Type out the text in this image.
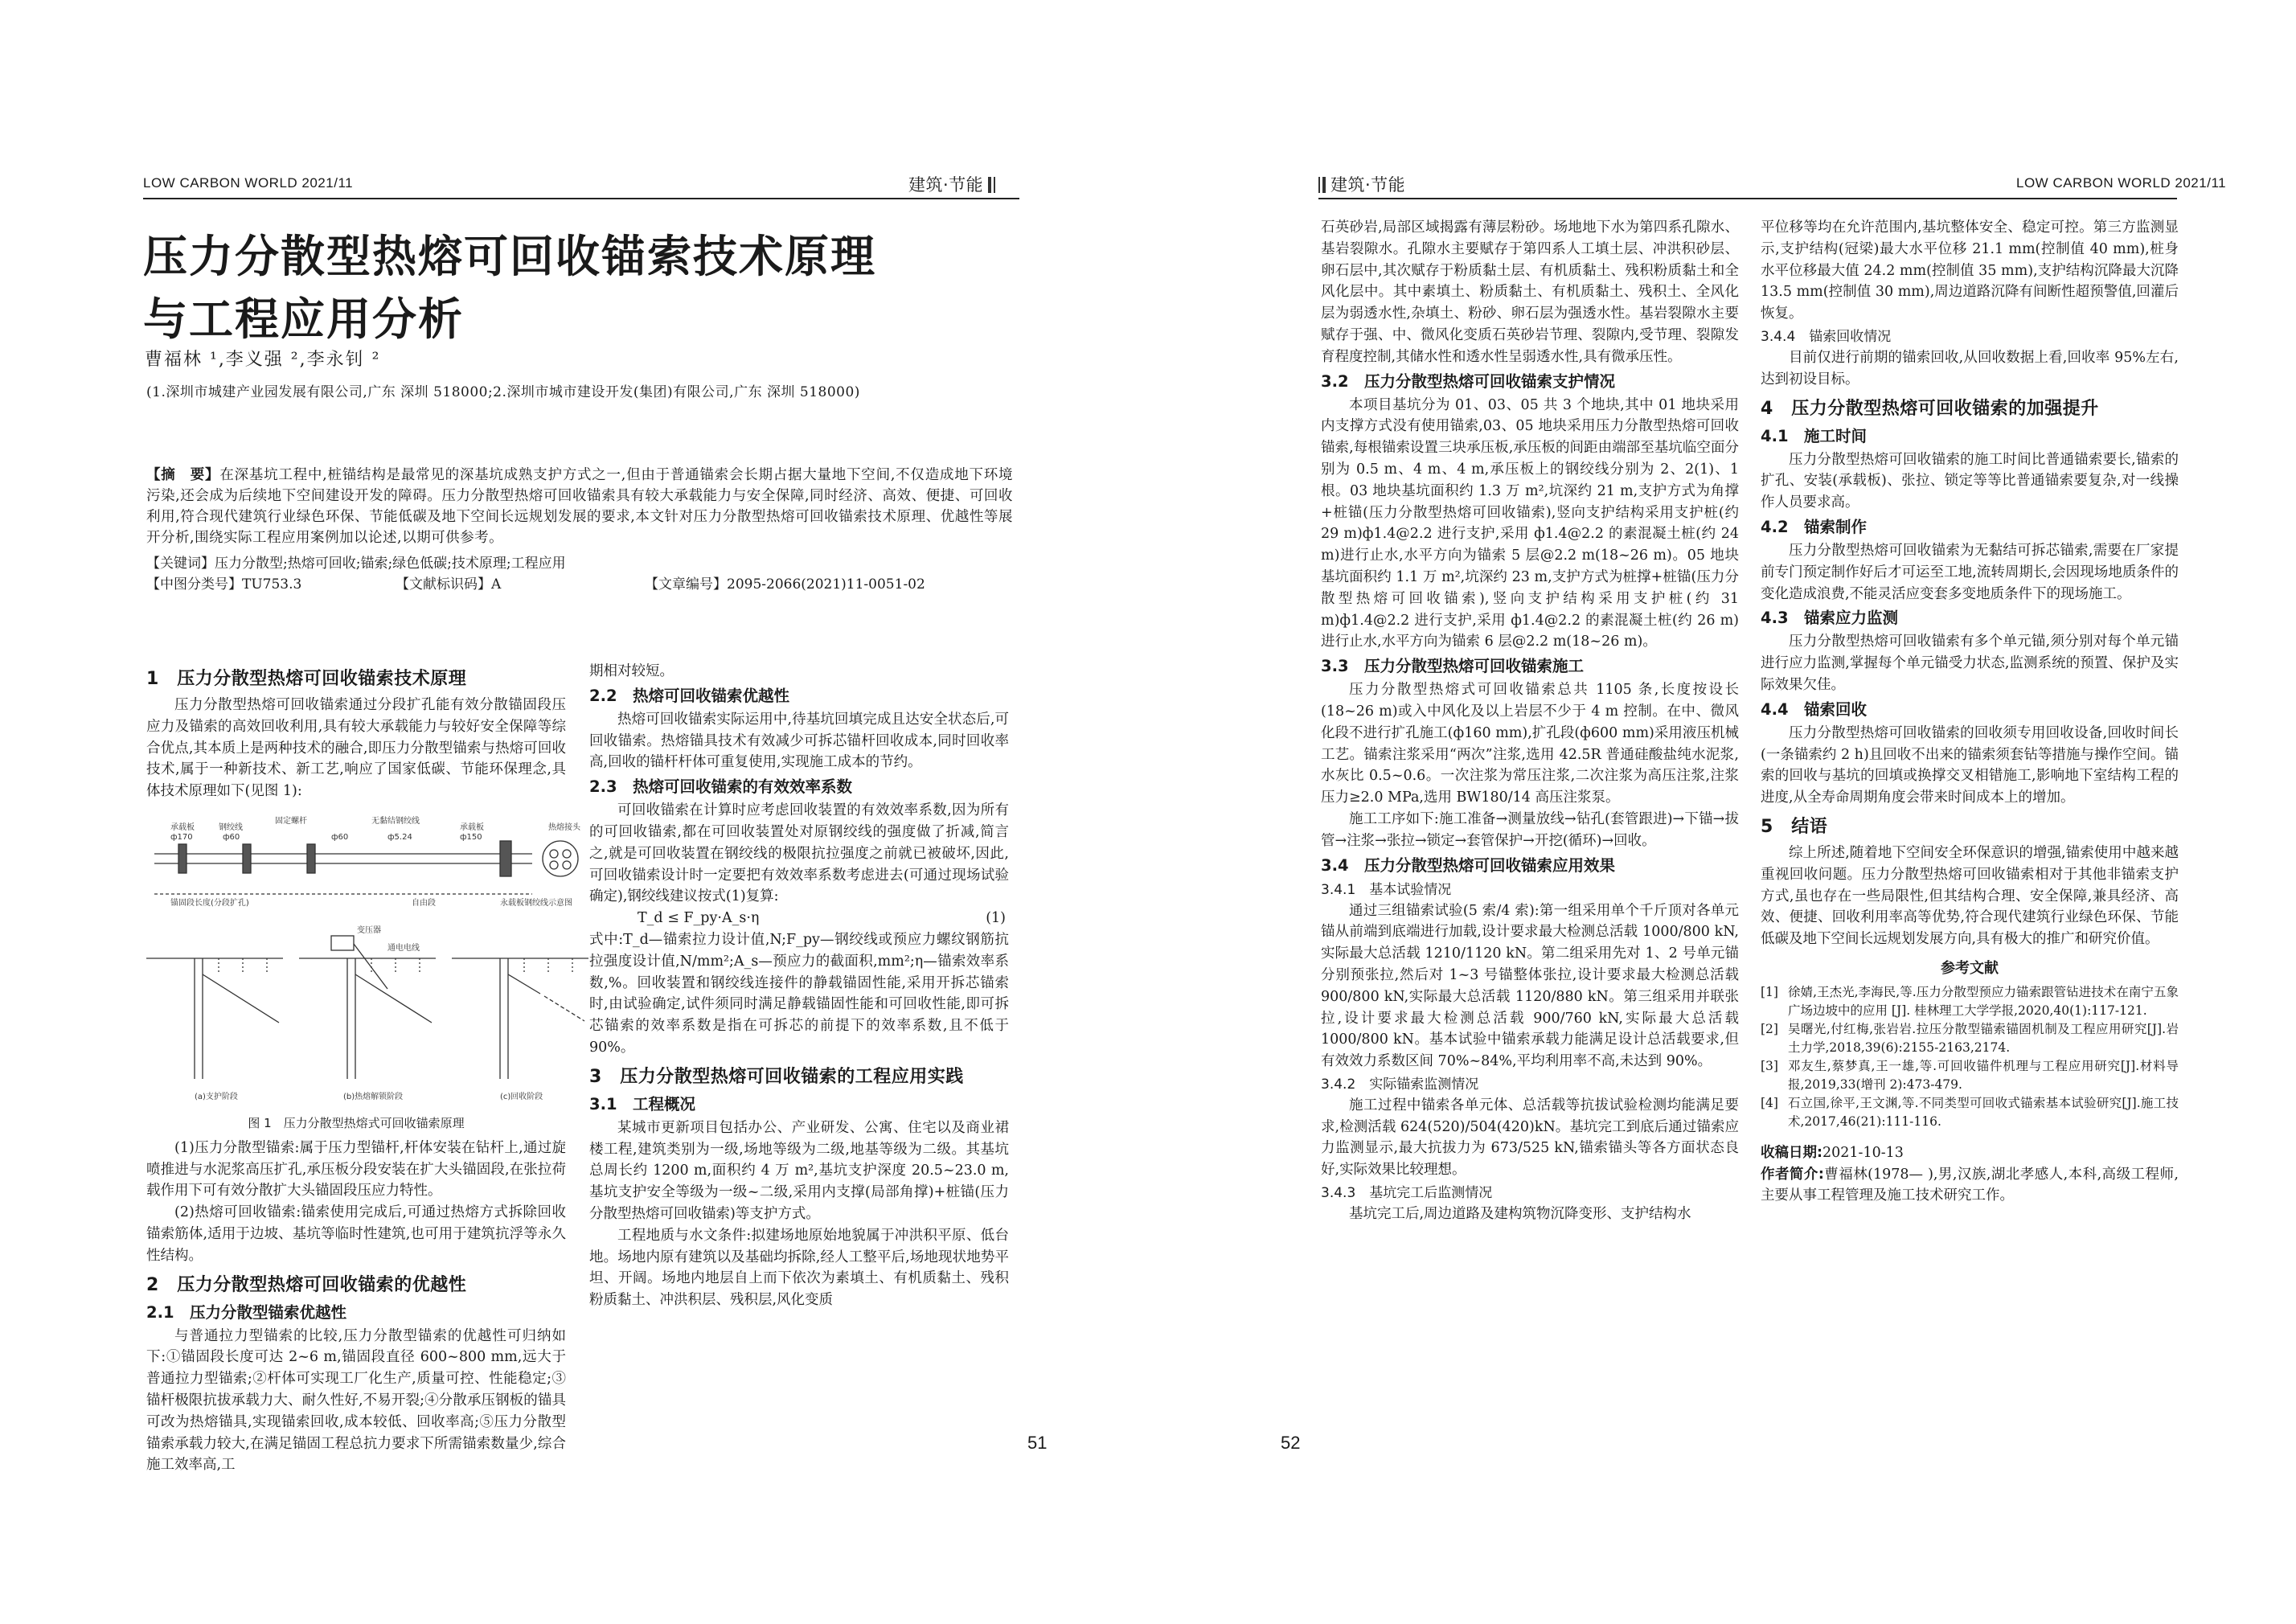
LOW CARBON WORLD 2021/11	建筑·节能
压力分散型热熔可回收锚索技术原理
与工程应用分析
曹福林 ¹,李义强 ²,李永钊 ²
(1.深圳市城建产业园发展有限公司,广东 深圳 518000;2.深圳市城市建设开发(集团)有限公司,广东 深圳 518000)
【摘　要】在深基坑工程中,桩锚结构是最常见的深基坑成熟支护方式之一,但由于普通锚索会长期占据大量地下空间,不仅造成地下环境污染,还会成为后续地下空间建设开发的障碍。压力分散型热熔可回收锚索具有较大承载能力与安全保障,同时经济、高效、便捷、可回收利用,符合现代建筑行业绿色环保、节能低碳及地下空间长远规划发展的要求,本文针对压力分散型热熔可回收锚索技术原理、优越性等展开分析,围绕实际工程应用案例加以论述,以期可供参考。
【关键词】 压力分散型;热熔可回收;锚索;绿色低碳;技术原理;工程应用
【中图分类号】TU753.3	【文献标识码】A	【文章编号】2095-2066(2021)11-0051-02
1　压力分散型热熔可回收锚索技术原理

压力分散型热熔可回收锚索通过分段扩孔能有效分散锚固段压应力及锚索的高效回收利用,具有较大承载能力与较好安全保障等综合优点,其本质上是两种技术的融合,即压力分散型锚索与热熔可回收技术,属于一种新技术、新工艺,响应了国家低碳、节能环保理念,具体技术原理如下(见图 1):

承载板
ф170
钢绞线
ф60
固定螺杆	无黏结钢绞线
ф60	ф5.24
承载板
ф150
热熔接头
锚固段长度(分段扩孔)	自由段	永载板钢绞线示意图
变压器
通电电线
(a)支护阶段	(b)热熔解锁阶段	(c)回收阶段
图 1　压力分散型热熔式可回收锚索原理

(1)压力分散型锚索:属于压力型锚杆,杆体安装在钻杆上,通过旋喷推进与水泥浆高压扩孔,承压板分段安装在扩大头锚固段,在张拉荷载作用下可有效分散扩大头锚固段压应力特性。

(2)热熔可回收锚索:锚索使用完成后,可通过热熔方式拆除回收锚索筋体,适用于边坡、基坑等临时性建筑,也可用于建筑抗浮等永久性结构。

2　压力分散型热熔可回收锚索的优越性
2.1　压力分散型锚索优越性

与普通拉力型锚索的比较,压力分散型锚索的优越性可归纳如下:①锚固段长度可达 2~6 m,锚固段直径 600~800 mm,远大于普通拉力型锚索;②杆体可实现工厂化生产,质量可控、性能稳定;③锚杆极限抗拔承载力大、耐久性好,不易开裂;④分散承压钢板的锚具可改为热熔锚具,实现锚索回收,成本较低、回收率高;⑤压力分散型锚索承载力较大,在满足锚固工程总抗力要求下所需锚索数量少,综合施工效率高,工

期相对较短。

2.2　热熔可回收锚索优越性

热熔可回收锚索实际运用中,待基坑回填完成且达安全状态后,可回收锚索。热熔锚具技术有效减少可拆芯锚杆回收成本,同时回收率高,回收的锚杆杆体可重复使用,实现施工成本的节约。

2.3　热熔可回收锚索的有效效率系数

可回收锚索在计算时应考虑回收装置的有效效率系数,因为所有的可回收锚索,都在可回收装置处对原钢绞线的强度做了折减,简言之,就是可回收装置在钢绞线的极限抗拉强度之前就已被破坏,因此,可回收锚索设计时一定要把有效效率系数考虑进去(可通过现场试验确定),钢绞线建议按式(1)复算:

T_d ≤ F_py·A_s·η	(1)

式中:T_d—锚索拉力设计值,N;F_py—钢绞线或预应力螺纹钢筋抗拉强度设计值,N/mm²;A_s—预应力的截面积,mm²;η—锚索效率系数,%。回收装置和钢绞线连接件的静载锚固性能,采用开拆芯锚索时,由试验确定,试件须同时满足静载锚固性能和可回收性能,即可拆芯锚索的效率系数是指在可拆芯的前提下的效率系数,且不低于 90%。

3　压力分散型热熔可回收锚索的工程应用实践
3.1　工程概况

某城市更新项目包括办公、产业研发、公寓、住宅以及商业裙楼工程,建筑类别为一级,场地等级为二级,地基等级为二级。其基坑总周长约 1200 m,面积约 4 万 m²,基坑支护深度 20.5~23.0 m,基坑支护安全等级为一级~二级,采用内支撑(局部角撑)+桩锚(压力分散型热熔可回收锚索)等支护方式。

工程地质与水文条件:拟建场地原始地貌属于冲洪积平原、低台地。场地内原有建筑以及基础均拆除,经人工整平后,场地现状地势平坦、开阔。场地内地层自上而下依次为素填土、有机质黏土、残积粉质黏土、冲洪积层、残积层,风化变质

51
建筑·节能	LOW CARBON WORLD 2021/11

石英砂岩,局部区域揭露有薄层粉砂。场地地下水为第四系孔隙水、基岩裂隙水。孔隙水主要赋存于第四系人工填土层、冲洪积砂层、卵石层中,其次赋存于粉质黏土层、有机质黏土、残积粉质黏土和全风化层中。其中素填土、粉质黏土、有机质黏土、残积土、全风化层为弱透水性,杂填土、粉砂、卵石层为强透水性。基岩裂隙水主要赋存于强、中、微风化变质石英砂岩节理、裂隙内,受节理、裂隙发育程度控制,其储水性和透水性呈弱透水性,具有微承压性。

3.2　压力分散型热熔可回收锚索支护情况

本项目基坑分为 01、03、05 共 3 个地块,其中 01 地块采用内支撑方式没有使用锚索,03、05 地块采用压力分散型热熔可回收锚索,每根锚索设置三块承压板,承压板的间距由端部至基坑临空面分别为 0.5 m、4 m、4 m,承压板上的钢绞线分别为 2、2(1)、1 根。03 地块基坑面积约 1.3 万 m²,坑深约 21 m,支护方式为角撑+桩锚(压力分散型热熔可回收锚索),竖向支护结构采用支护桩(约 29 m)ф1.4@2.2 进行支护,采用 ф1.4@2.2 的素混凝土桩(约 24 m)进行止水,水平方向为锚索 5 层@2.2 m(18~26 m)。05 地块基坑面积约 1.1 万 m²,坑深约 23 m,支护方式为桩撑+桩锚(压力分散型热熔可回收锚索),竖向支护结构采用支护桩(约 31 m)ф1.4@2.2 进行支护,采用 ф1.4@2.2 的素混凝土桩(约 26 m)进行止水,水平方向为锚索 6 层@2.2 m(18~26 m)。

3.3　压力分散型热熔可回收锚索施工

压力分散型热熔式可回收锚索总共 1105 条,长度按设长(18~26 m)或入中风化及以上岩层不少于 4 m 控制。在中、微风化段不进行扩孔施工(ф160 mm),扩孔段(ф600 mm)采用液压机械工艺。锚索注浆采用“两次”注浆,选用 42.5R 普通硅酸盐纯水泥浆,水灰比 0.5~0.6。一次注浆为常压注浆,二次注浆为高压注浆,注浆压力≥2.0 MPa,选用 BW180/14 高压注浆泵。

施工工序如下:施工准备→测量放线→钻孔(套管跟进)→下锚→拔管→注浆→张拉→锁定→套管保护→开挖(循环)→回收。

3.4　压力分散型热熔可回收锚索应用效果
3.4.1　基本试验情况

通过三组锚索试验(5 索/4 索):第一组采用单个千斤顶对各单元锚从前端到底端进行加载,设计要求最大检测总活载 1000/800 kN,实际最大总活载 1210/1120 kN。第二组采用先对 1、2 号单元锚分别预张拉,然后对 1~3 号锚整体张拉,设计要求最大检测总活载 900/800 kN,实际最大总活载 1120/880 kN。第三组采用并联张拉,设计要求最大检测总活载 900/760 kN,实际最大总活载 1000/800 kN。基本试验中锚索承载力能满足设计总活载要求,但有效效力系数区间 70%~84%,平均利用率不高,未达到 90%。

3.4.2　实际锚索监测情况

施工过程中锚索各单元体、总活载等抗拔试验检测均能满足要求,检测活载 624(520)/504(420)kN。基坑完工到底后通过锚索应力监测显示,最大抗拔力为 673/525 kN,锚索锚头等各方面状态良好,实际效果比较理想。

3.4.3　基坑完工后监测情况

基坑完工后,周边道路及建构筑物沉降变形、支护结构水

平位移等均在允许范围内,基坑整体安全、稳定可控。第三方监测显示,支护结构(冠梁)最大水平位移 21.1 mm(控制值 40 mm),桩身水平位移最大值 24.2 mm(控制值 35 mm),支护结构沉降最大沉降 13.5 mm(控制值 30 mm),周边道路沉降有间断性超预警值,回灌后恢复。

3.4.4　锚索回收情况

目前仅进行前期的锚索回收,从回收数据上看,回收率 95%左右,达到初设目标。

4　压力分散型热熔可回收锚索的加强提升
4.1　施工时间

压力分散型热熔可回收锚索的施工时间比普通锚索要长,锚索的扩孔、安装(承载板)、张拉、锁定等等比普通锚索要复杂,对一线操作人员要求高。

4.2　锚索制作

压力分散型热熔可回收锚索为无黏结可拆芯锚索,需要在厂家提前专门预定制作好后才可运至工地,流转周期长,会因现场地质条件的变化造成浪费,不能灵活应变套多变地质条件下的现场施工。

4.3　锚索应力监测

压力分散型热熔可回收锚索有多个单元锚,须分别对每个单元锚进行应力监测,掌握每个单元锚受力状态,监测系统的预置、保护及实际效果欠佳。

4.4　锚索回收

压力分散型热熔可回收锚索的回收须专用回收设备,回收时间长(一条锚索约 2 h)且回收不出来的锚索须套钻等措施与操作空间。锚索的回收与基坑的回填或换撑交叉相错施工,影响地下室结构工程的进度,从全寿命周期角度会带来时间成本上的增加。

5　结语

综上所述,随着地下空间安全环保意识的增强,锚索使用中越来越重视回收问题。压力分散型热熔可回收锚索相对于其他非锚索支护方式,虽也存在一些局限性,但其结构合理、安全保障,兼具经济、高效、便捷、回收利用率高等优势,符合现代建筑行业绿色环保、节能低碳及地下空间长远规划发展方向,具有极大的推广和研究价值。

参考文献
[1] 徐婧,王杰光,李海民,等.压力分散型预应力锚索跟管钻进技术在南宁五象广场边坡中的应用 [J]. 桂林理工大学学报,2020,40(1):117-121.
[2] 吴曙光,付红梅,张岩岩.拉压分散型锚索锚固机制及工程应用研究[J].岩土力学,2018,39(6):2155-2163,2174.
[3] 邓友生,蔡梦真,王一雄,等.可回收锚件机理与工程应用研究[J].材料导报,2019,33(增刊 2):473-479.
[4] 石立国,徐平,王文渊,等.不同类型可回收式锚索基本试验研究[J].施工技术,2017,46(21):111-116.

收稿日期:2021-10-13

作者简介:曹福林(1978— ),男,汉族,湖北孝感人,本科,高级工程师,主要从事工程管理及施工技术研究工作。

52
